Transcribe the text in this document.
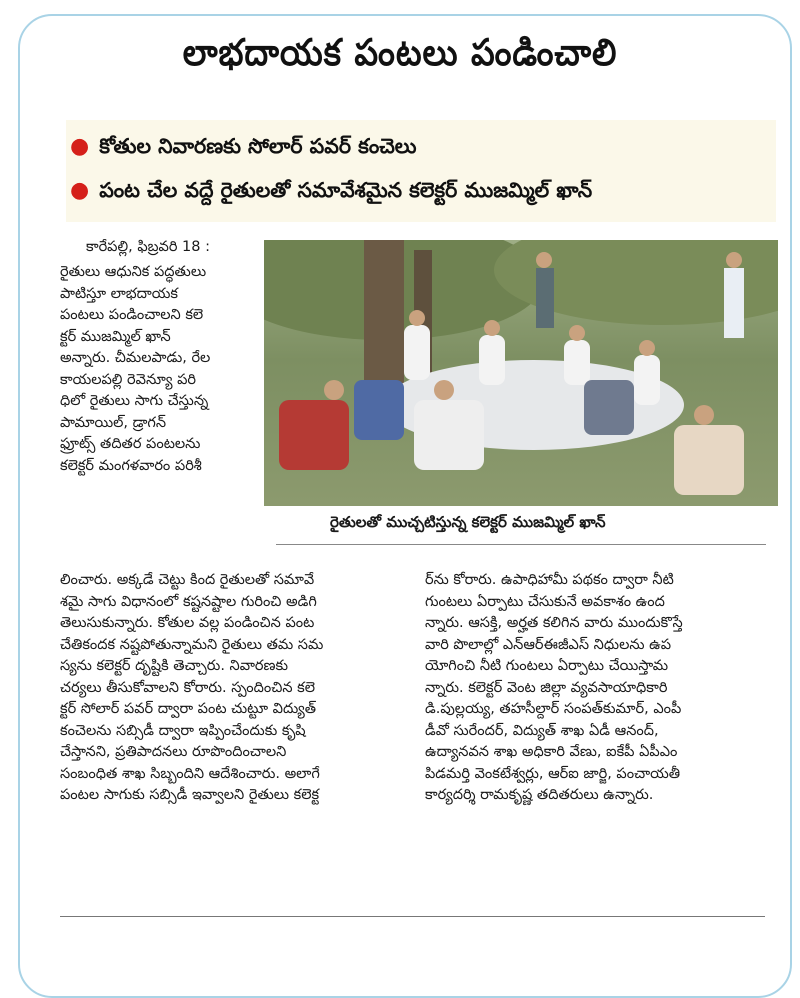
లాభదాయక పంటలు పండించాలి
● కోతుల నివారణకు సోలార్ పవర్ కంచెలు
● పంట చేల వద్దే రైతులతో సమావేశమైన కలెక్టర్ ముజమ్మిల్ ఖాన్
కారేపల్లి, ఫిబ్రవరి 18 :

రైతులు ఆధునిక పద్ధతులు

పాటిస్తూ లాభదాయక

పంటలు పండించాలని కలె

క్టర్ ముజమ్మిల్ ఖాన్

అన్నారు. చీమలపాడు, రేల

కాయలపల్లి రెవెన్యూ పరి

ధిలో రైతులు సాగు చేస్తున్న

పామాయిల్, డ్రాగన్

ఫ్రూట్స్ తదితర పంటలను

కలెక్టర్ మంగళవారం పరిశీ

రైతులతో ముచ్చటిస్తున్న కలెక్టర్ ముజమ్మిల్ ఖాన్

లించారు. అక్కడే చెట్టు కింద రైతులతో సమావే

శమై సాగు విధానంలో కష్టనష్టాల గురించి అడిగి

తెలుసుకున్నారు. కోతుల వల్ల పండించిన పంట

చేతికందక నష్టపోతున్నామని రైతులు తమ సమ

స్యను కలెక్టర్ దృష్టికి తెచ్చారు. నివారణకు

చర్యలు తీసుకోవాలని కోరారు. స్పందించిన కలె

క్టర్ సోలార్ పవర్ ద్వారా పంట చుట్టూ విద్యుత్

కంచెలను సబ్సిడీ ద్వారా ఇప్పించేందుకు కృషి

చేస్తానని, ప్రతిపాదనలు రూపొందించాలని

సంబంధిత శాఖ సిబ్బందిని ఆదేశించారు. అలాగే

పంటల సాగుకు సబ్సిడీ ఇవ్వాలని రైతులు కలెక్ట

ర్‌ను కోరారు. ఉపాధిహామీ పథకం ద్వారా నీటి

గుంటలు ఏర్పాటు చేసుకునే అవకాశం ఉంద

న్నారు. ఆసక్తి, అర్హత కలిగిన వారు ముందుకొస్తే

వారి పొలాల్లో ఎన్ఆర్ఈజీఎస్ నిధులను ఉప

యోగించి నీటి గుంటలు ఏర్పాటు చేయిస్తామ

న్నారు. కలెక్టర్ వెంట జిల్లా వ్యవసాయాధికారి

డి.పుల్లయ్య, తహసీల్దార్ సంపత్‌కుమార్, ఎంపీ

డీవో సురేందర్, విద్యుత్ శాఖ ఏడీ ఆనంద్,

ఉద్యానవన శాఖ అధికారి వేణు, ఐకేపీ ఏపీఎం

పిడమర్తి వెంకటేశ్వర్లు, ఆర్ఐ జార్జి, పంచాయతీ

కార్యదర్శి రామకృష్ణ తదితరులు ఉన్నారు.
